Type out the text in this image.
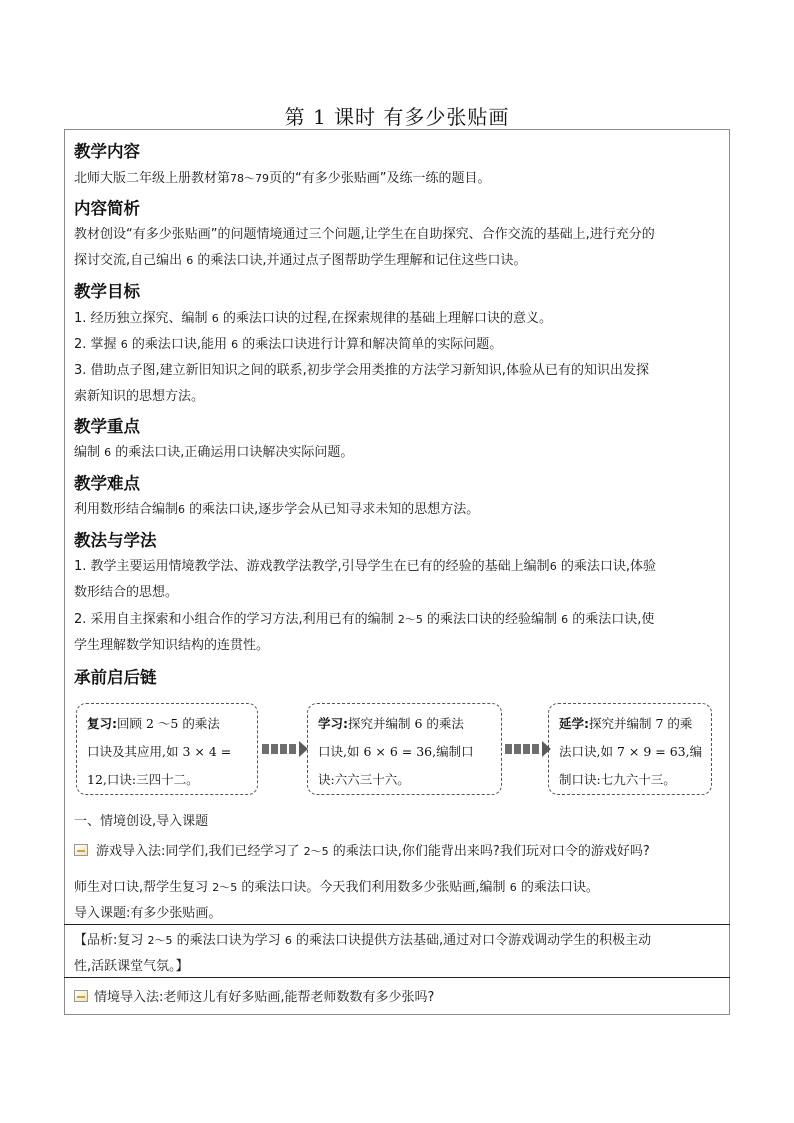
第 1 课时 有多少张贴画
教学内容
北师大版二年级上册教材第78～79页的“有多少张贴画”及练一练的题目。
内容简析
教材创设“有多少张贴画”的问题情境通过三个问题,让学生在自助探究、合作交流的基础上,进行充分的
探讨交流,自己编出 6 的乘法口诀,并通过点子图帮助学生理解和记住这些口诀。
教学目标
1. 经历独立探究、编制 6 的乘法口诀的过程,在探索规律的基础上理解口诀的意义。
2. 掌握 6 的乘法口诀,能用 6 的乘法口诀进行计算和解决简单的实际问题。
3. 借助点子图,建立新旧知识之间的联系,初步学会用类推的方法学习新知识,体验从已有的知识出发探
索新知识的思想方法。
教学重点
编制 6 的乘法口诀,正确运用口诀解决实际问题。
教学难点
利用数形结合编制6 的乘法口诀,逐步学会从已知寻求未知的思想方法。
教法与学法
1. 教学主要运用情境教学法、游戏教学法教学,引导学生在已有的经验的基础上编制6 的乘法口诀,体验
数形结合的思想。
2. 采用自主探索和小组合作的学习方法,利用已有的编制 2～5 的乘法口诀的经验编制 6 的乘法口诀,使
学生理解数学知识结构的连贯性。
承前启后链
复习:回顾 2 ～5 的乘法
口诀及其应用,如 3 × 4 =
12,口诀:三四十二。
学习:探究并编制 6 的乘法
口诀,如 6 × 6 = 36,编制口
诀:六六三十六。
延学:探究并编制 7 的乘
法口诀,如 7 × 9 = 63,编
制口诀:七九六十三。
一、情境创设,导入课题
游戏导入法:同学们,我们已经学习了 2～5 的乘法口诀,你们能背出来吗?我们玩对口令的游戏好吗?
师生对口诀,帮学生复习 2～5 的乘法口诀。今天我们利用数多少张贴画,编制 6 的乘法口诀。
导入课题:有多少张贴画。
【品析:复习 2～5 的乘法口诀为学习 6 的乘法口诀提供方法基础,通过对口令游戏调动学生的积极主动
性,活跃课堂气氛。】
情境导入法:老师这儿有好多贴画,能帮老师数数有多少张吗?
